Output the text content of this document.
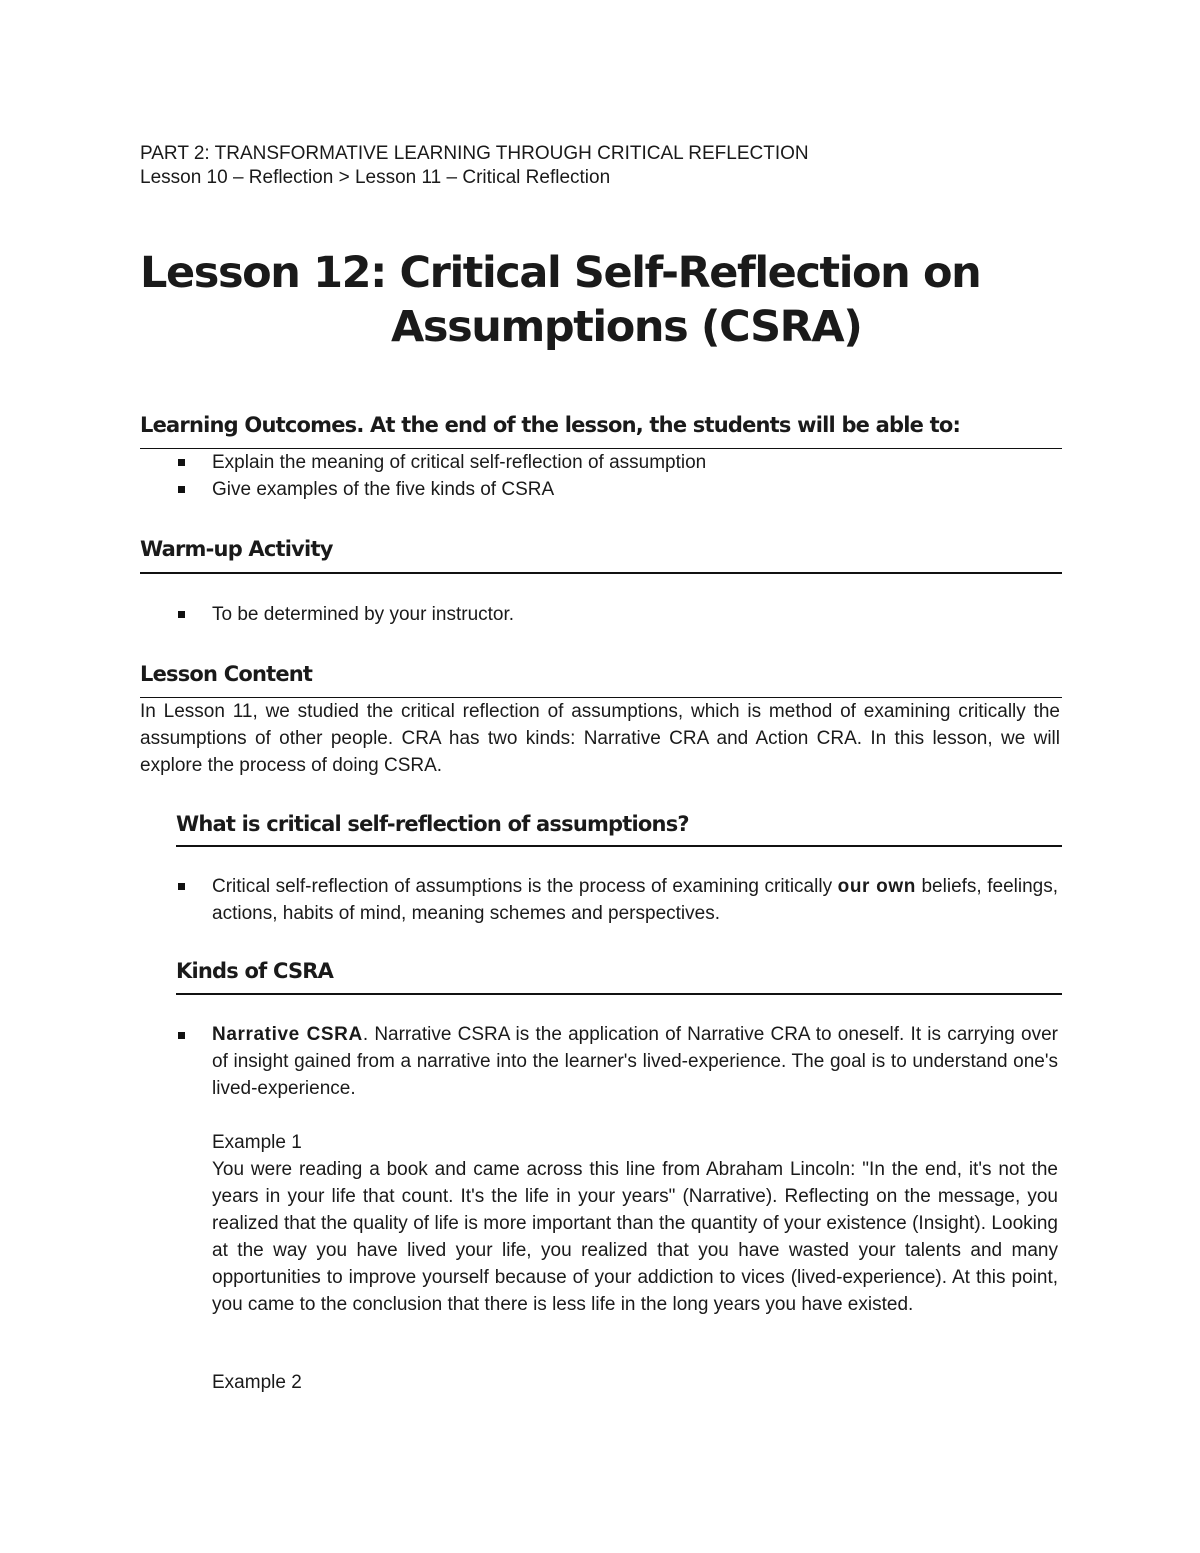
PART 2: TRANSFORMATIVE LEARNING THROUGH CRITICAL REFLECTION

Lesson 10 – Reflection > Lesson 11 – Critical Reflection

Lesson 12: Critical Self-Reflection on
Assumptions (CSRA)
Learning Outcomes. At the end of the lesson, the students will be able to:
Explain the meaning of critical self-reflection of assumption
Give examples of the five kinds of CSRA
Warm-up Activity
To be determined by your instructor.
Lesson Content

In Lesson 11, we studied the critical reflection of assumptions, which is method of examining critically the assumptions of other people. CRA has two kinds: Narrative CRA and Action CRA. In this lesson, we will explore the process of doing CSRA.

What is critical self-reflection of assumptions?

Critical self-reflection of assumptions is the process of examining critically our own beliefs, feelings, actions, habits of mind, meaning schemes and perspectives.

Kinds of CSRA

Narrative CSRA. Narrative CSRA is the application of Narrative CRA to oneself. It is carrying over of insight gained from a narrative into the learner's lived-experience. The goal is to understand one's lived-experience.

Example 1

You were reading a book and came across this line from Abraham Lincoln: "In the end, it's not the years in your life that count. It's the life in your years" (Narrative). Reflecting on the message, you realized that the quality of life is more important than the quantity of your existence (Insight). Looking at the way you have lived your life, you realized that you have wasted your talents and many opportunities to improve yourself because of your addiction to vices (lived-experience). At this point, you came to the conclusion that there is less life in the long years you have existed.

Example 2
